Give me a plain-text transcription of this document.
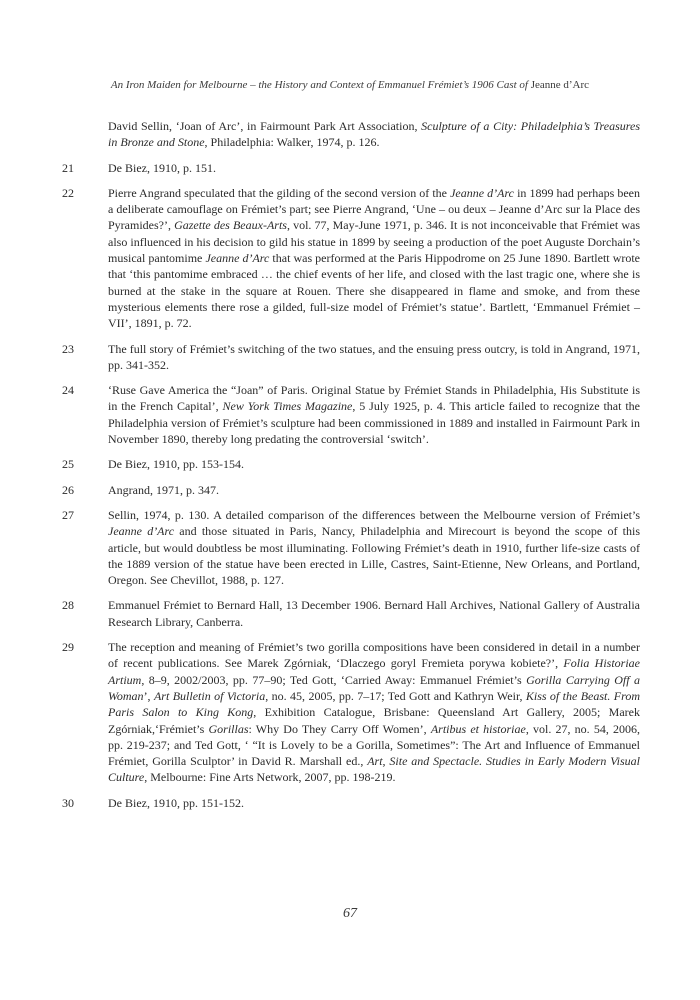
An Iron Maiden for Melbourne – the History and Context of Emmanuel Frémiet’s 1906 Cast of Jeanne d’Arc

David Sellin, ‘Joan of Arc’, in Fairmount Park Art Association, Sculpture of a City: Philadelphia’s Treasures in Bronze and Stone, Philadelphia: Walker, 1974, p. 126.

21	De Biez, 1910, p. 151.

22	Pierre Angrand speculated that the gilding of the second version of the Jeanne d’Arc in 1899 had perhaps been a deliberate camouflage on Frémiet’s part; see Pierre Angrand, ‘Une – ou deux – Jeanne d’Arc sur la Place des Pyramides?’, Gazette des Beaux-Arts, vol. 77, May-June 1971, p. 346. It is not inconceivable that Frémiet was also influenced in his decision to gild his statue in 1899 by seeing a production of the poet Auguste Dorchain’s musical pantomime Jeanne d’Arc that was performed at the Paris Hippodrome on 25 June 1890. Bartlett wrote that ‘this pantomime embraced … the chief events of her life, and closed with the last tragic one, where she is burned at the stake in the square at Rouen. There she disappeared in flame and smoke, and from these mysterious elements there rose a gilded, full-size model of Frémiet’s statue’. Bartlett, ‘Emmanuel Frémiet – VII’, 1891, p. 72.

23	The full story of Frémiet’s switching of the two statues, and the ensuing press outcry, is told in Angrand, 1971, pp. 341-352.

24	‘Ruse Gave America the “Joan” of Paris. Original Statue by Frémiet Stands in Philadelphia, His Substitute is in the French Capital’, New York Times Magazine, 5 July 1925, p. 4. This article failed to recognize that the Philadelphia version of Frémiet’s sculpture had been commissioned in 1889 and installed in Fairmount Park in November 1890, thereby long predating the controversial ‘switch’.

25	De Biez, 1910, pp. 153-154.

26	Angrand, 1971, p. 347.

27	Sellin, 1974, p. 130. A detailed comparison of the differences between the Melbourne version of Frémiet’s Jeanne d’Arc and those situated in Paris, Nancy, Philadelphia and Mirecourt is beyond the scope of this article, but would doubtless be most illuminating. Following Frémiet’s death in 1910, further life-size casts of the 1889 version of the statue have been erected in Lille, Castres, Saint-Etienne, New Orleans, and Portland, Oregon. See Chevillot, 1988, p. 127.

28	Emmanuel Frémiet to Bernard Hall, 13 December 1906. Bernard Hall Archives, National Gallery of Australia Research Library, Canberra.

29	The reception and meaning of Frémiet’s two gorilla compositions have been considered in detail in a number of recent publications. See Marek Zgórniak, ‘Dlaczego goryl Fremieta porywa kobiete?’, Folia Historiae Artium, 8–9, 2002/2003, pp. 77–90; Ted Gott, ‘Carried Away: Emmanuel Frémiet’s Gorilla Carrying Off a Woman’, Art Bulletin of Victoria, no. 45, 2005, pp. 7–17; Ted Gott and Kathryn Weir, Kiss of the Beast. From Paris Salon to King Kong, Exhibition Catalogue, Brisbane: Queensland Art Gallery, 2005; Marek Zgórniak,‘Frémiet’s Gorillas: Why Do They Carry Off Women’, Artibus et historiae, vol. 27, no. 54, 2006, pp. 219-237; and Ted Gott, ‘ “It is Lovely to be a Gorilla, Sometimes”: The Art and Influence of Emmanuel Frémiet, Gorilla Sculptor’ in David R. Marshall ed., Art, Site and Spectacle. Studies in Early Modern Visual Culture, Melbourne: Fine Arts Network, 2007, pp. 198-219.

30	De Biez, 1910, pp. 151-152.

67
